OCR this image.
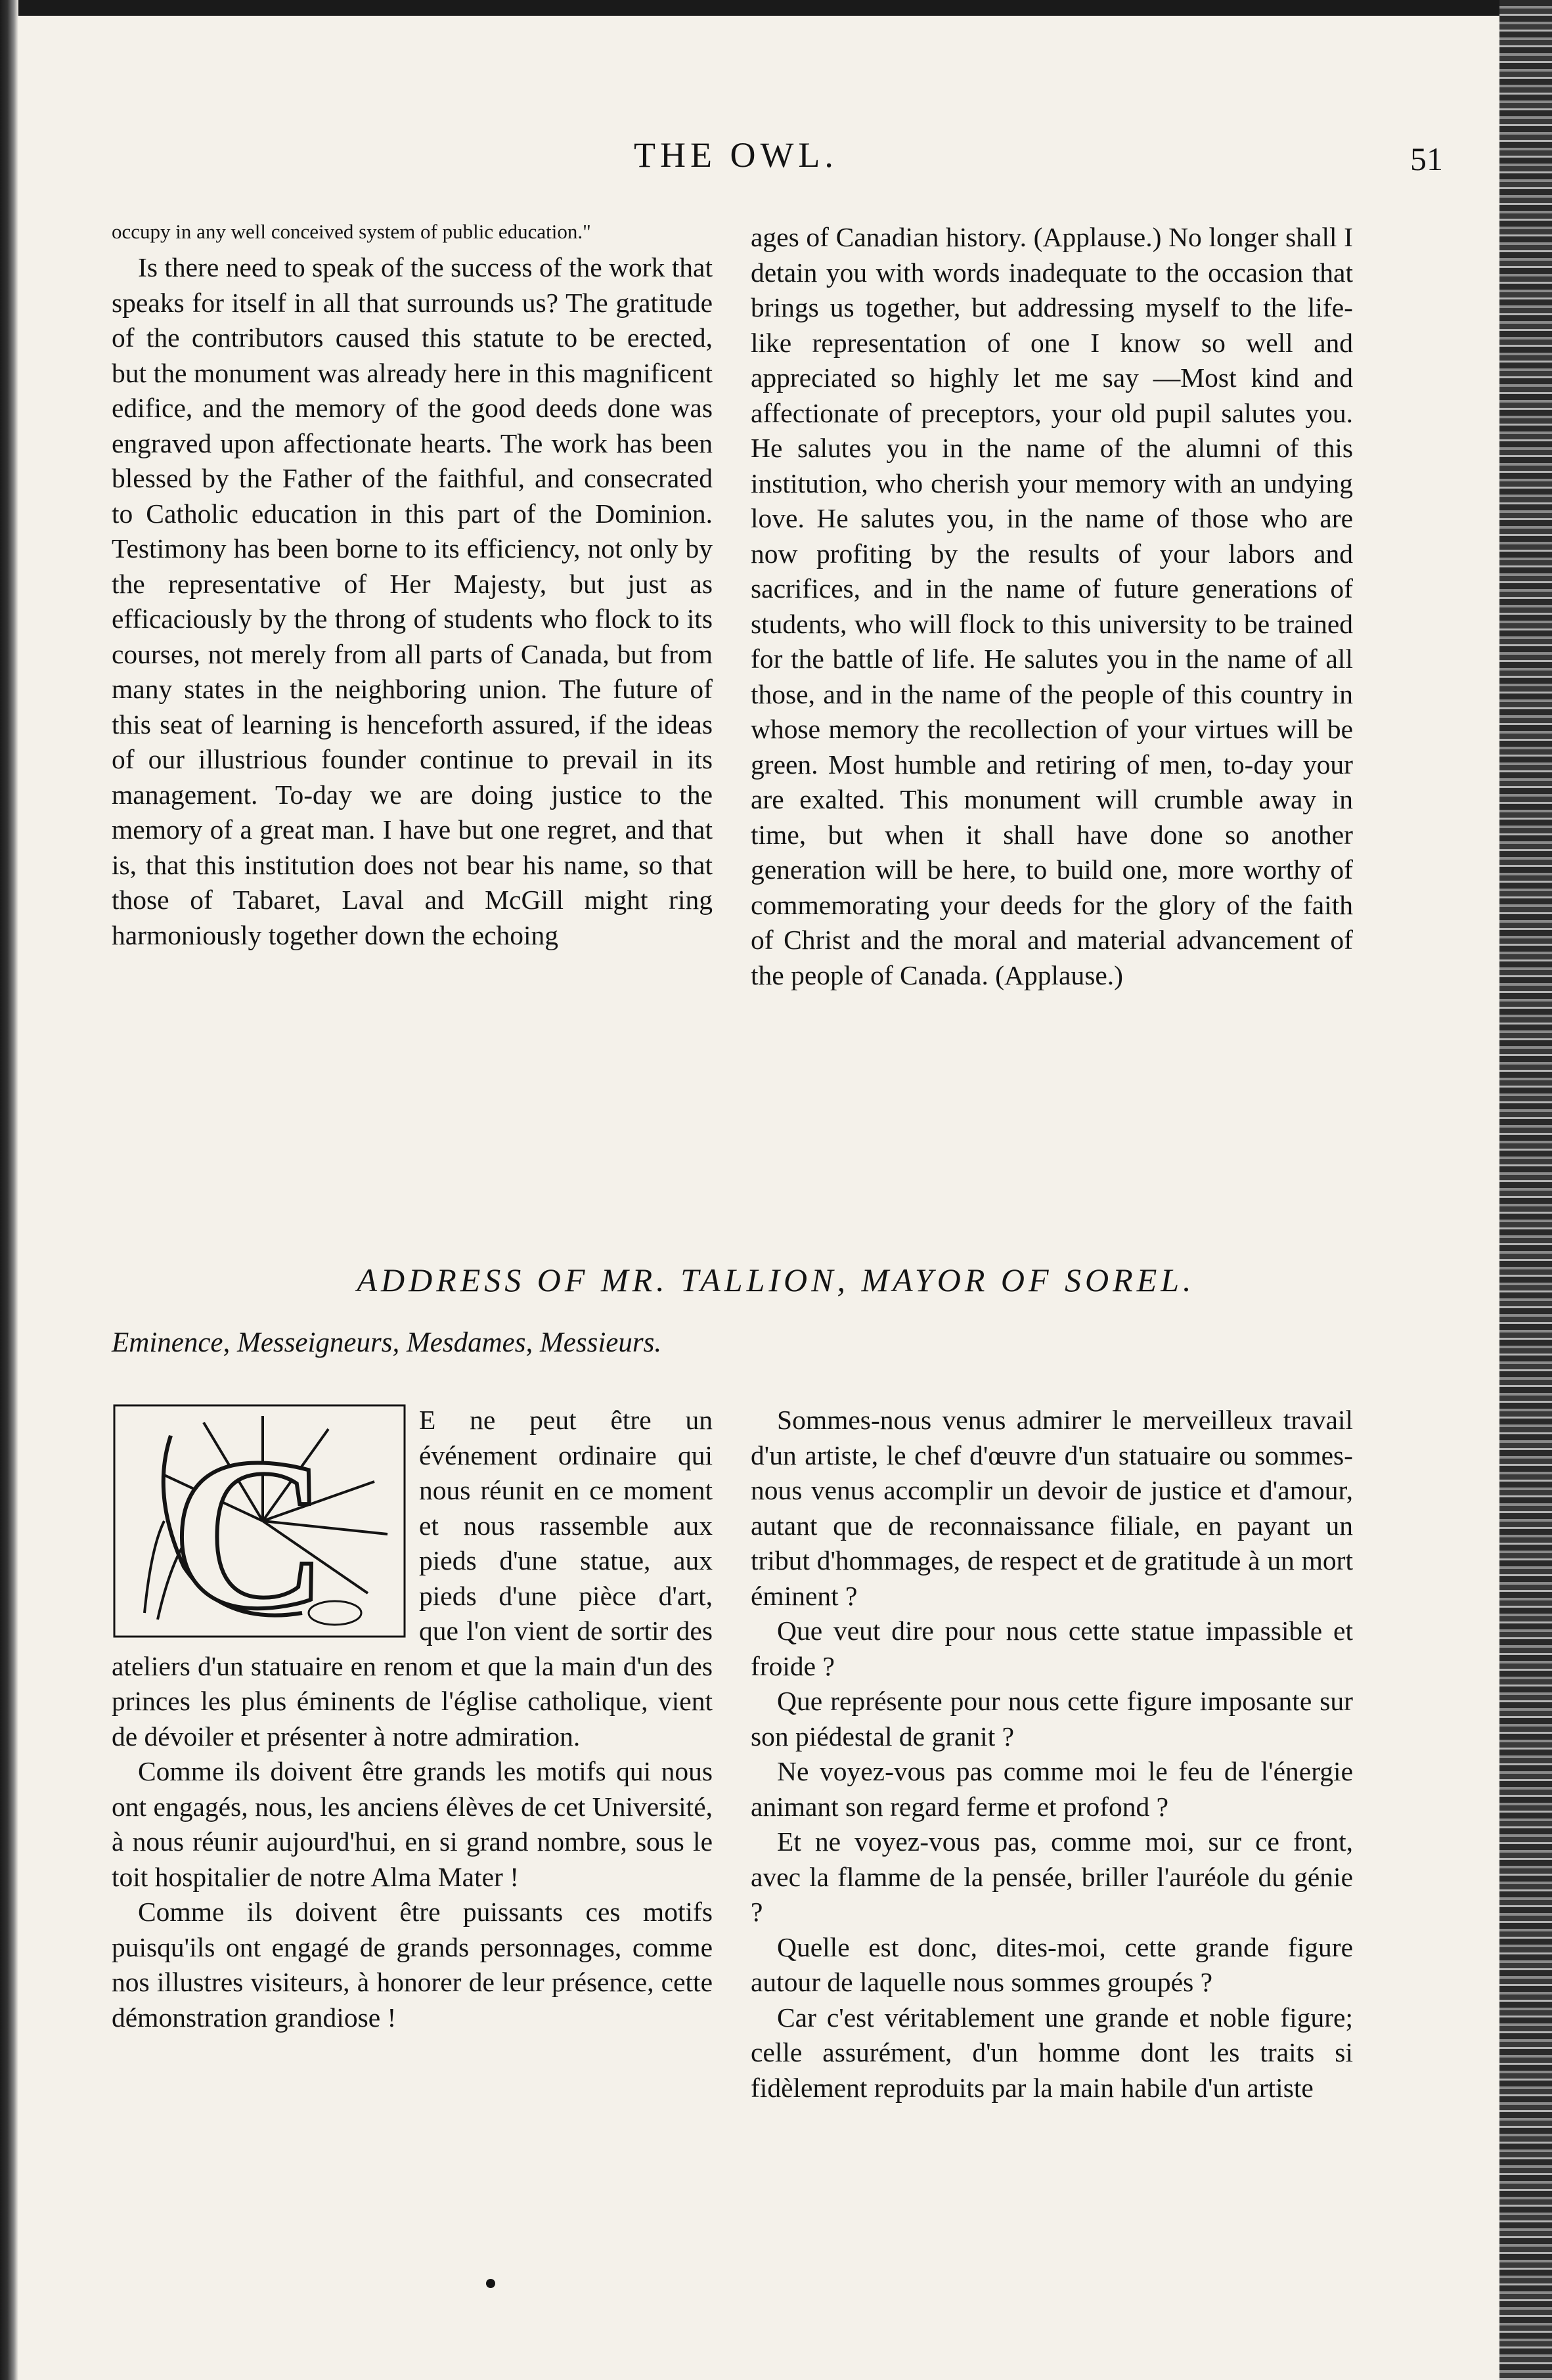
THE OWL.	51

occupy in any well conceived system of public education."

Is there need to speak of the success of the work that speaks for itself in all that surrounds us? The gratitude of the contributors caused this statute to be erected, but the monument was already here in this magnificent edifice, and the memory of the good deeds done was engraved upon affectionate hearts. The work has been blessed by the Father of the faithful, and consecrated to Catholic education in this part of the Dominion. Testimony has been borne to its efficiency, not only by the representative of Her Majesty, but just as efficaciously by the throng of students who flock to its courses, not merely from all parts of Canada, but from many states in the neighboring union. The future of this seat of learning is henceforth assured, if the ideas of our illustrious founder continue to prevail in its management. To-day we are doing justice to the memory of a great man. I have but one regret, and that is, that this institution does not bear his name, so that those of Tabaret, Laval and McGill might ring harmoniously together down the echoing

ages of Canadian history. (Applause.) No longer shall I detain you with words inadequate to the occasion that brings us together, but addressing myself to the life-like representation of one I know so well and appreciated so highly let me say —Most kind and affectionate of preceptors, your old pupil salutes you. He salutes you in the name of the alumni of this institution, who cherish your memory with an undying love. He salutes you, in the name of those who are now profiting by the results of your labors and sacrifices, and in the name of future generations of students, who will flock to this university to be trained for the battle of life. He salutes you in the name of all those, and in the name of the people of this country in whose memory the recollection of your virtues will be green. Most humble and retiring of men, to-day your are exalted. This monument will crumble away in time, but when it shall have done so another generation will be here, to build one, more worthy of commemorating your deeds for the glory of the faith of Christ and the moral and material advancement of the people of Canada. (Applause.)

ADDRESS OF MR. TALLION, MAYOR OF SOREL.
Eminence, Messeigneurs, Mesdames, Messieurs.
C	E ne peut être un événement ordinaire qui nous réunit en ce moment et nous rassemble aux pieds d'une statue, aux pieds d'une pièce d'art, que l'on vient de sortir des ateliers d'un statuaire en renom et que la main d'un des princes les plus éminents de l'église catholique, vient de dévoiler et présenter à notre admiration.

Comme ils doivent être grands les motifs qui nous ont engagés, nous, les anciens élèves de cet Université, à nous réunir aujourd'hui, en si grand nombre, sous le toit hospitalier de notre Alma Mater !

Comme ils doivent être puissants ces motifs puisqu'ils ont engagé de grands personnages, comme nos illustres visiteurs, à honorer de leur présence, cette démonstration grandiose !

Sommes-nous venus admirer le merveilleux travail d'un artiste, le chef d'œuvre d'un statuaire ou sommes-nous venus accomplir un devoir de justice et d'amour, autant que de reconnaissance filiale, en payant un tribut d'hommages, de respect et de gratitude à un mort éminent ?

Que veut dire pour nous cette statue impassible et froide ?

Que représente pour nous cette figure imposante sur son piédestal de granit ?

Ne voyez-vous pas comme moi le feu de l'énergie animant son regard ferme et profond ?

Et ne voyez-vous pas, comme moi, sur ce front, avec la flamme de la pensée, briller l'auréole du génie ?

Quelle est donc, dites-moi, cette grande figure autour de laquelle nous sommes groupés ?

Car c'est véritablement une grande et noble figure; celle assurément, d'un homme dont les traits si fidèlement reproduits par la main habile d'un artiste
